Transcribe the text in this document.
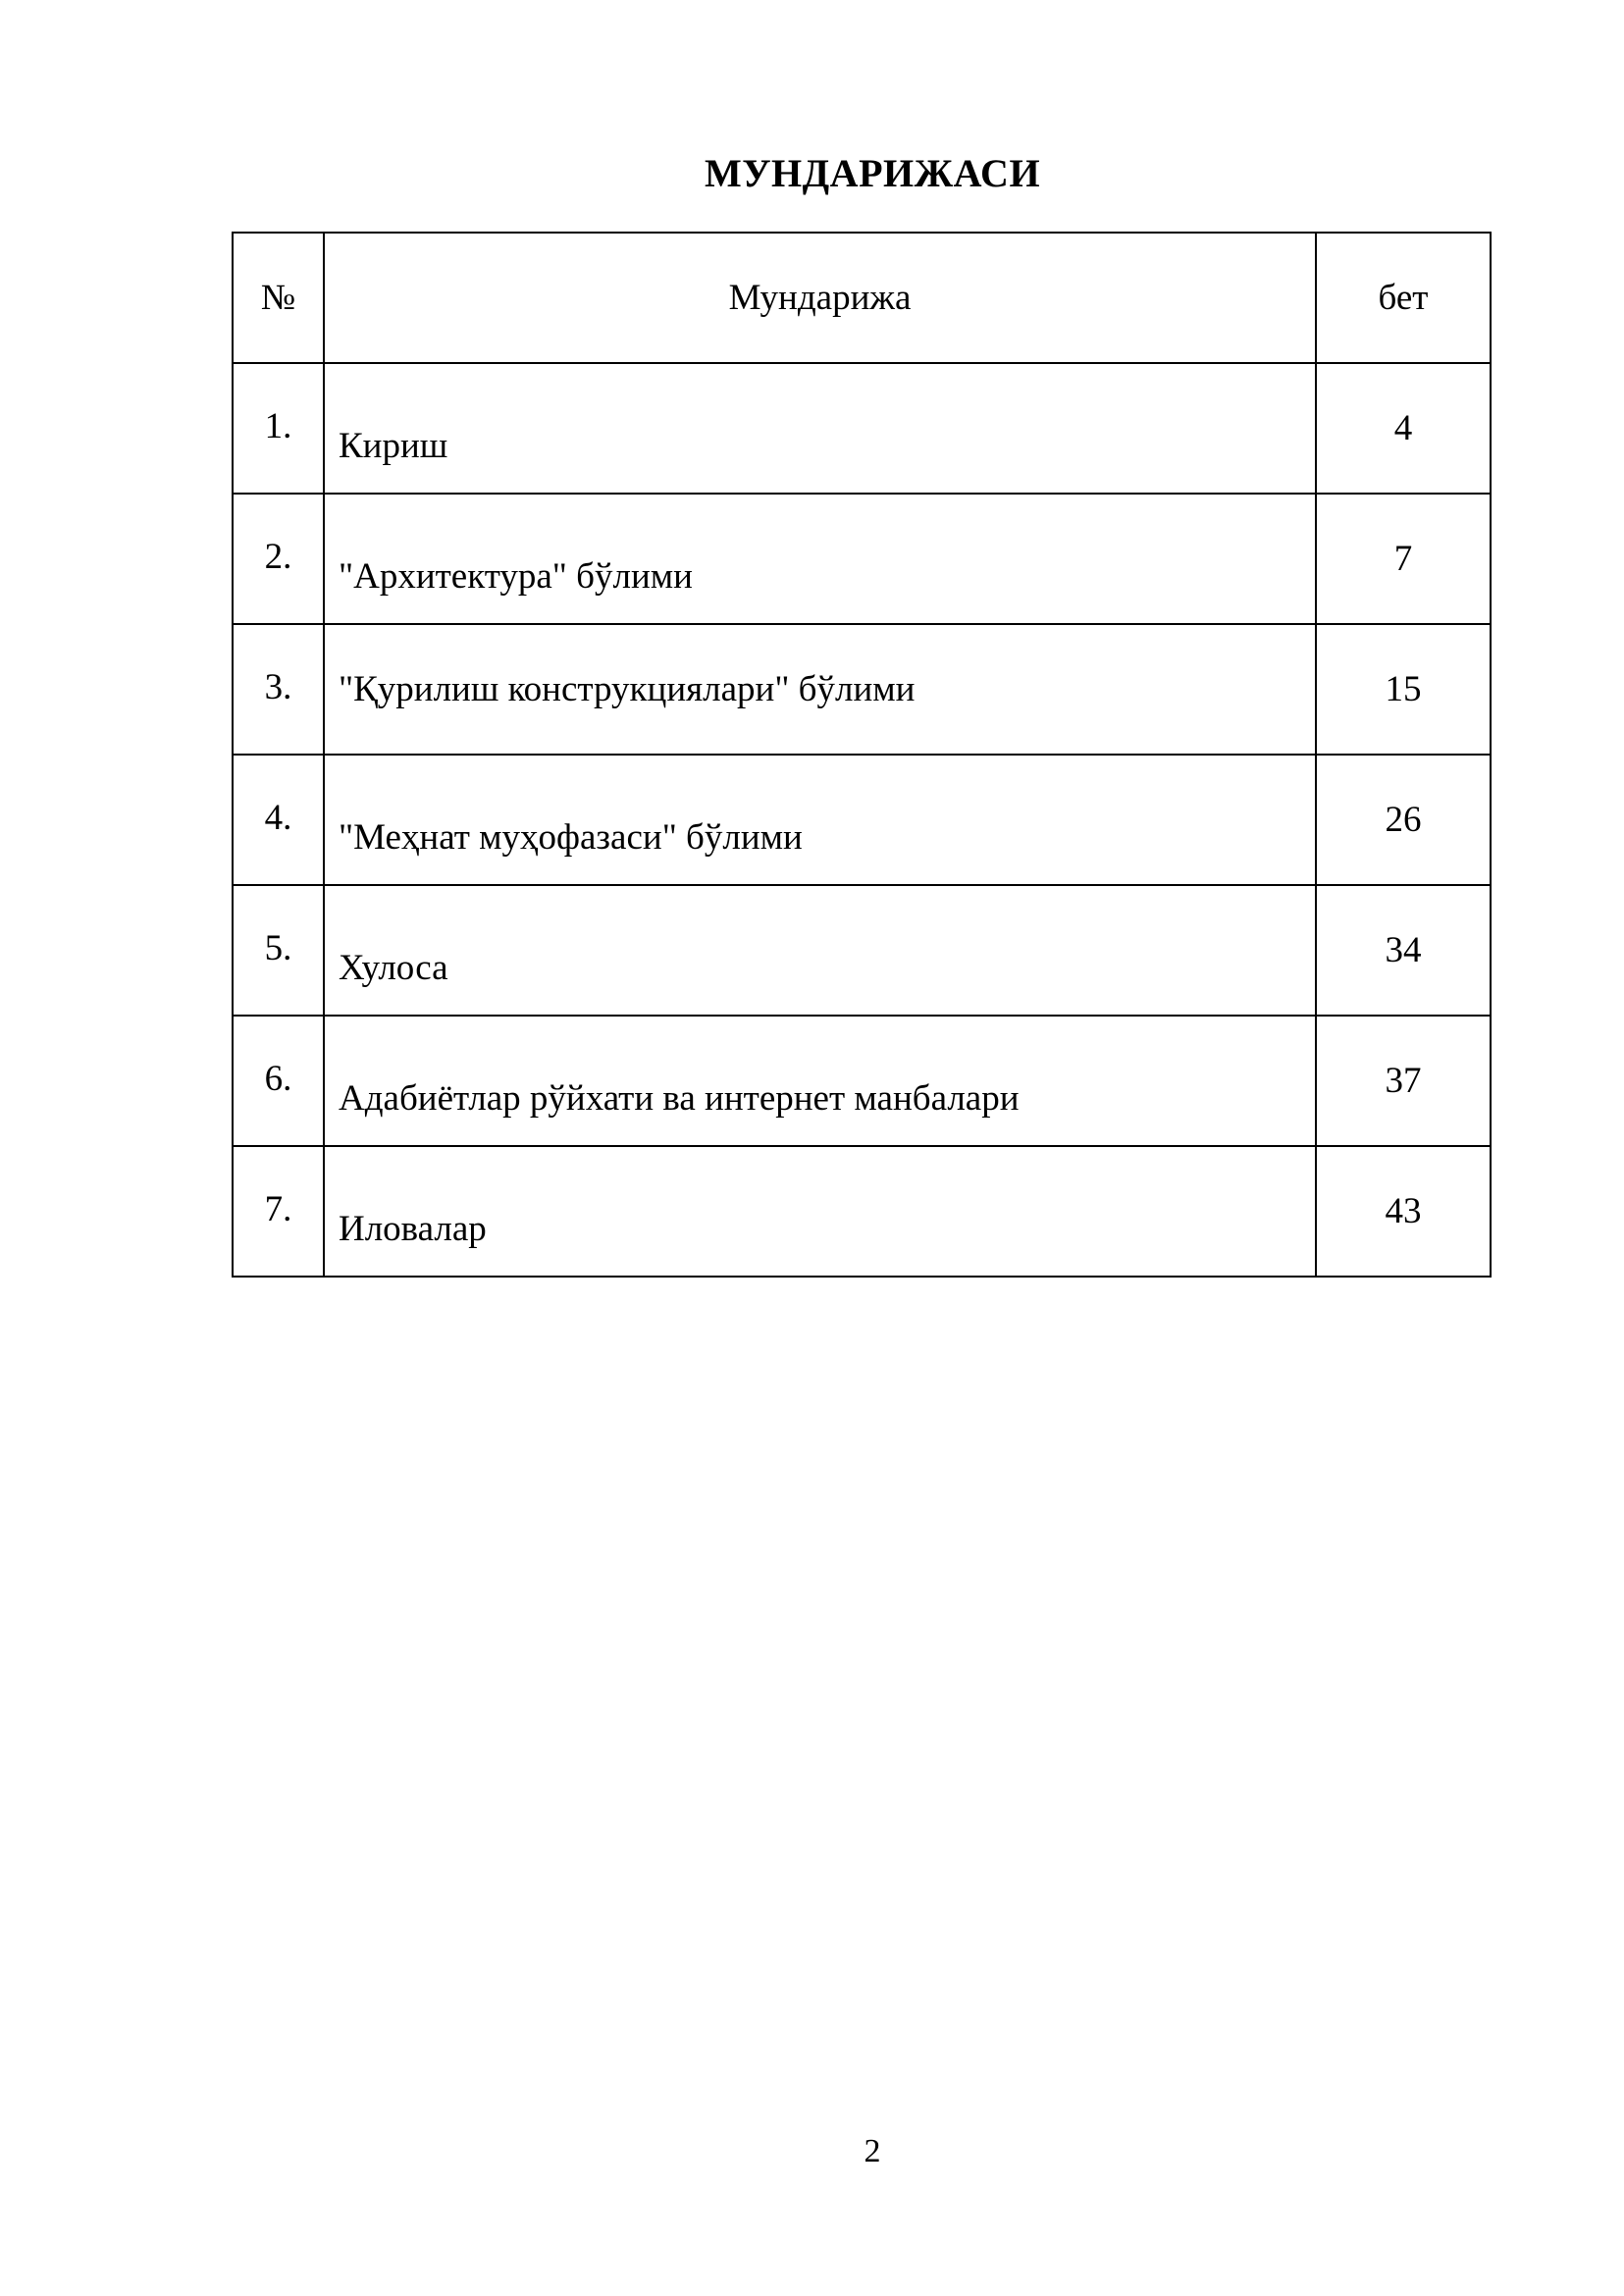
МУНДАРИЖАСИ
№	Мундарижа	бет
1.	Кириш	4
2.	"Архитектура" бўлими	7
3.	"Қурилиш конструкциялари" бўлими	15
4.	"Меҳнат муҳофазаси" бўлими	26
5.	Хулоса	34
6.	Адабиётлар рўйхати ва интернет манбалари	37
7.	Иловалар	43
2
